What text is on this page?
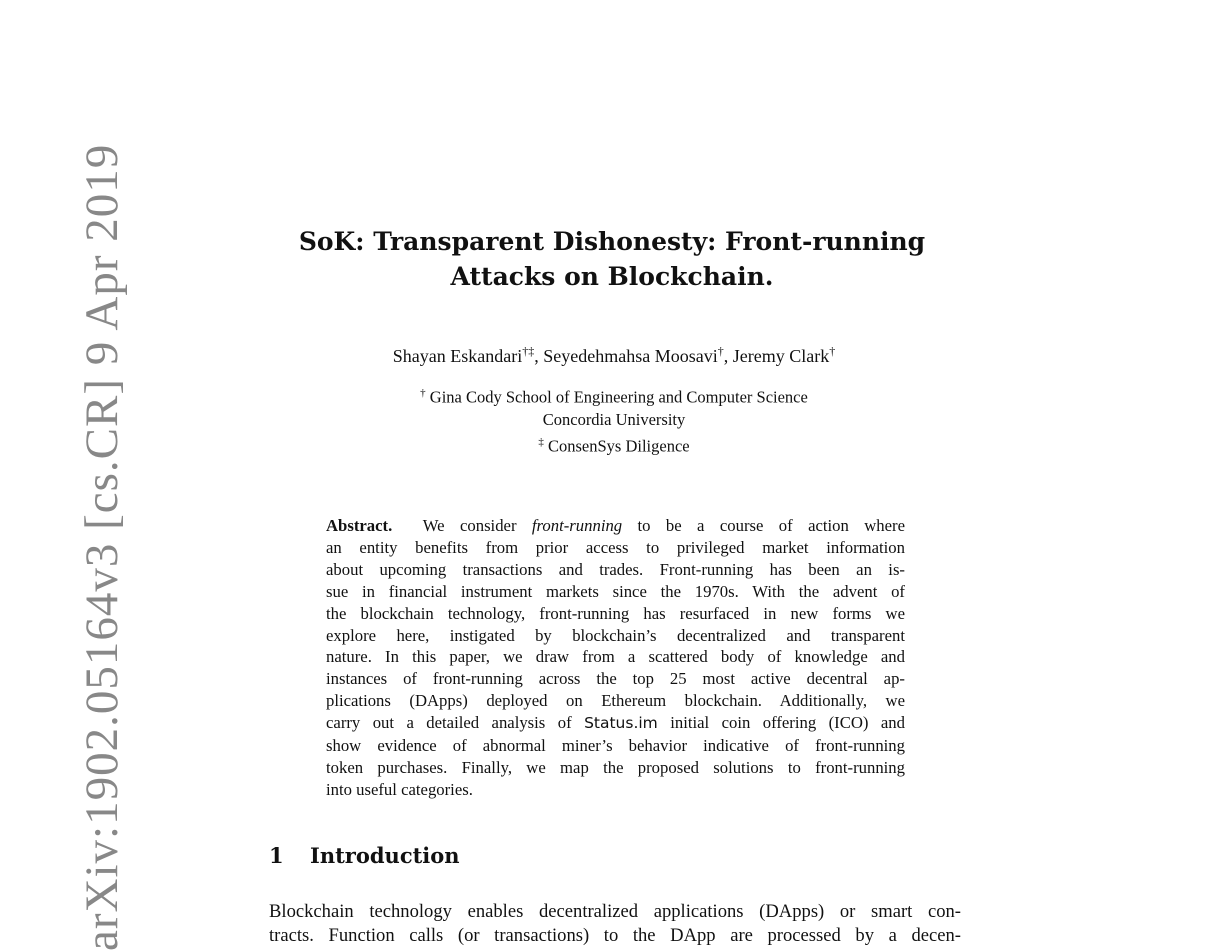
arXiv:1902.05164v3 [cs.CR] 9 Apr 2019	SoK: Transparent Dishonesty: Front-running
Attacks on Blockchain.
Shayan Eskandari†‡, Seyedehmahsa Moosavi†, Jeremy Clark†
† Gina Cody School of Engineering and Computer Science
Concordia University
‡ ConsenSys Diligence
Abstract. We consider front-running to be a course of action where
an entity benefits from prior access to privileged market information
about upcoming transactions and trades. Front-running has been an is-
sue in financial instrument markets since the 1970s. With the advent of
the blockchain technology, front-running has resurfaced in new forms we
explore here, instigated by blockchain’s decentralized and transparent
nature. In this paper, we draw from a scattered body of knowledge and
instances of front-running across the top 25 most active decentral ap-
plications (DApps) deployed on Ethereum blockchain. Additionally, we
carry out a detailed analysis of Status.im initial coin offering (ICO) and
show evidence of abnormal miner’s behavior indicative of front-running
token purchases. Finally, we map the proposed solutions to front-running
into useful categories.
1 Introduction
Blockchain technology enables decentralized applications (DApps) or smart con-
tracts. Function calls (or transactions) to the DApp are processed by a decen-
